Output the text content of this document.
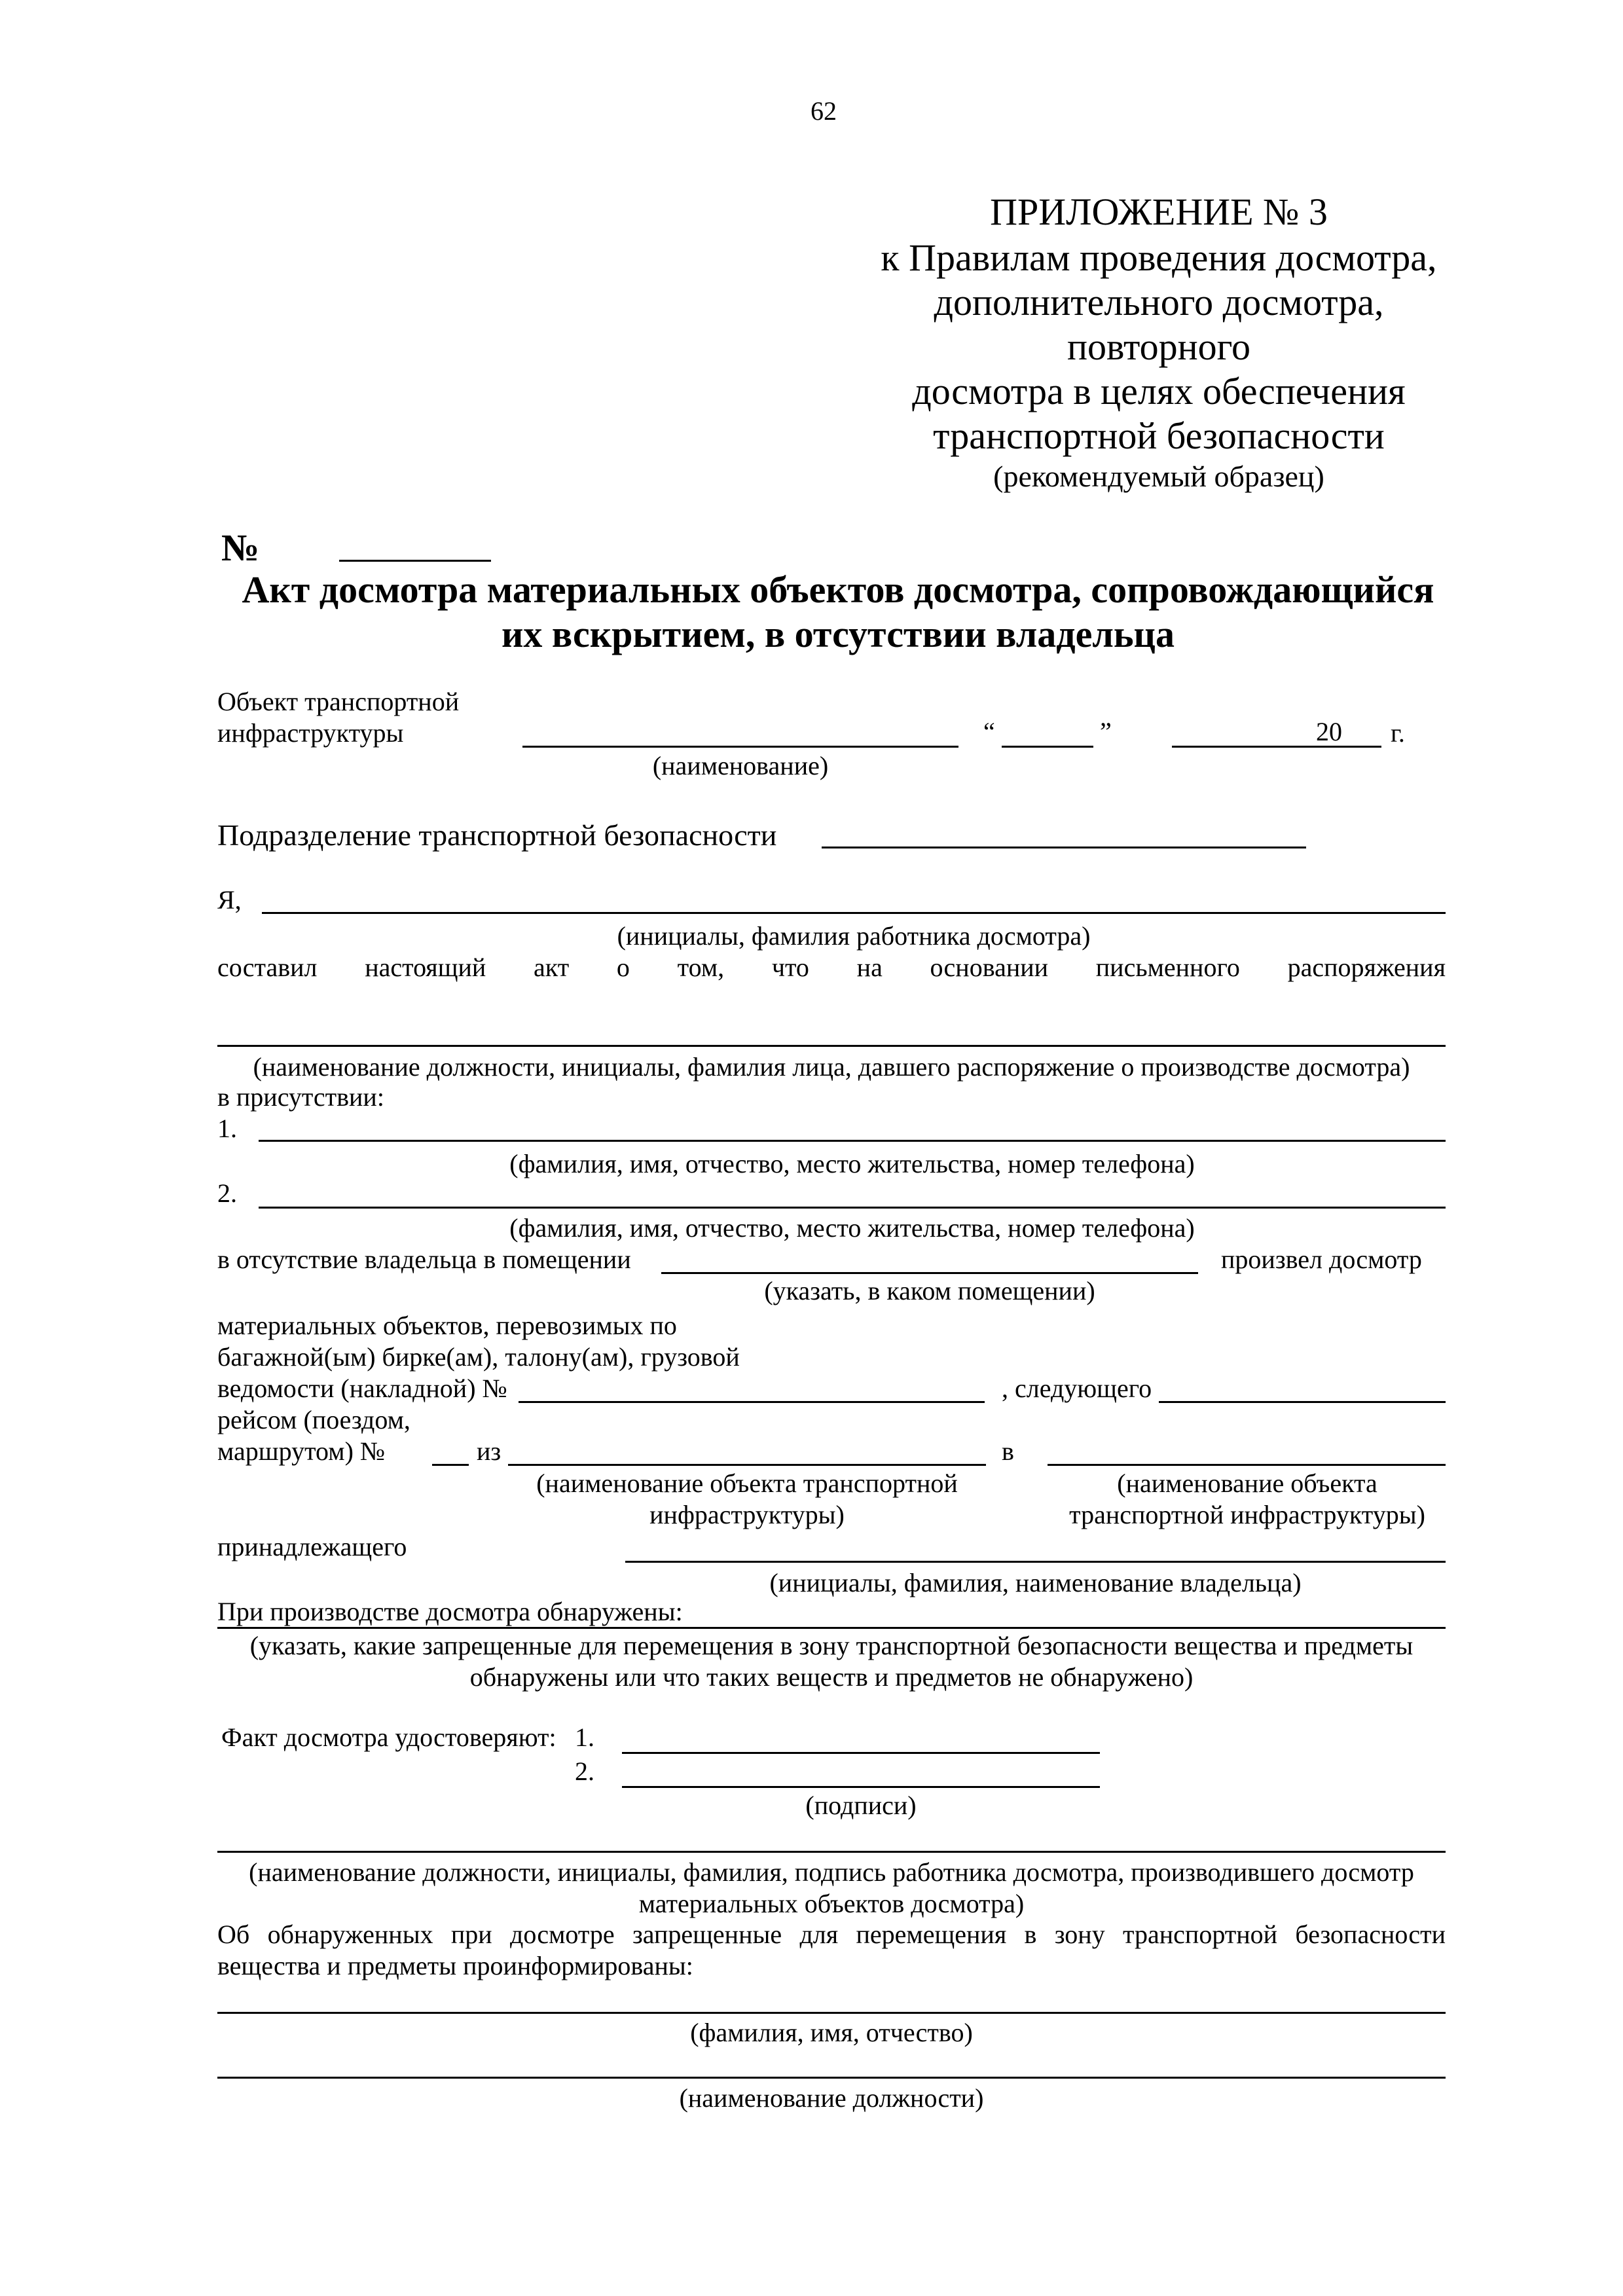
62
ПРИЛОЖЕНИЕ № 3
к Правилам проведения досмотра,
дополнительного досмотра,
повторного
досмотра в целях обеспечения
транспортной безопасности
(рекомендуемый образец)
№
Акт досмотра материальных объектов досмотра, сопровождающийся
их вскрытием, в отсутствии владельца
Объект транспортной
инфраструктуры
(наименование)
“	”	20 г.
Подразделение транспортной безопасности
Я,
(инициалы, фамилия работника досмотра)
составил настоящий акт о том, что на основании письменного распоряжения
(наименование должности, инициалы, фамилия лица, давшего распоряжение о производстве досмотра)
в присутствии:
1.
(фамилия, имя, отчество, место жительства, номер телефона)
2.
(фамилия, имя, отчество, место жительства, номер телефона)
в отсутствие владельца в помещении	произвел досмотр
(указать, в каком помещении)
материальных объектов, перевозимых по
багажной(ым) бирке(ам), талону(ам), грузовой
ведомости (накладной) №	, следующего
рейсом (поездом,
маршрутом) №	из	в
(наименование объекта транспортной
инфраструктуры)
(наименование объекта
транспортной инфраструктуры)
принадлежащего
(инициалы, фамилия, наименование владельца)
При производстве досмотра обнаружены:
(указать, какие запрещенные для перемещения в зону транспортной безопасности вещества и предметы
обнаружены или что таких веществ и предметов не обнаружено)
Факт досмотра удостоверяют: 1.
2.
(подписи)
(наименование должности, инициалы, фамилия, подпись работника досмотра, производившего досмотр
материальных объектов досмотра)
Об обнаруженных при досмотре запрещенные для перемещения в зону транспортной безопасности
вещества и предметы проинформированы:
(фамилия, имя, отчество)
(наименование должности)
